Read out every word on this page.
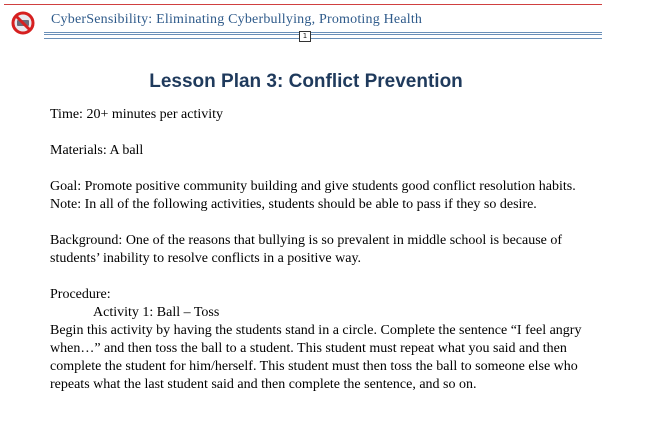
CyberSensibility: Eliminating Cyberbullying, Promoting Health
1
Lesson Plan 3: Conflict Prevention

Time: 20+ minutes per activity

Materials: A ball

Goal: Promote positive community building and give students good conflict resolution habits. Note: In all of the following activities, students should be able to pass if they so desire.

Background: One of the reasons that bullying is so prevalent in middle school is because of students’ inability to resolve conflicts in a positive way.

Procedure:

Activity 1: Ball – Toss

Begin this activity by having the students stand in a circle. Complete the sentence “I feel angry when…” and then toss the ball to a student. This student must repeat what you said and then complete the student for him/herself. This student must then toss the ball to someone else who repeats what the last student said and then complete the sentence, and so on.
